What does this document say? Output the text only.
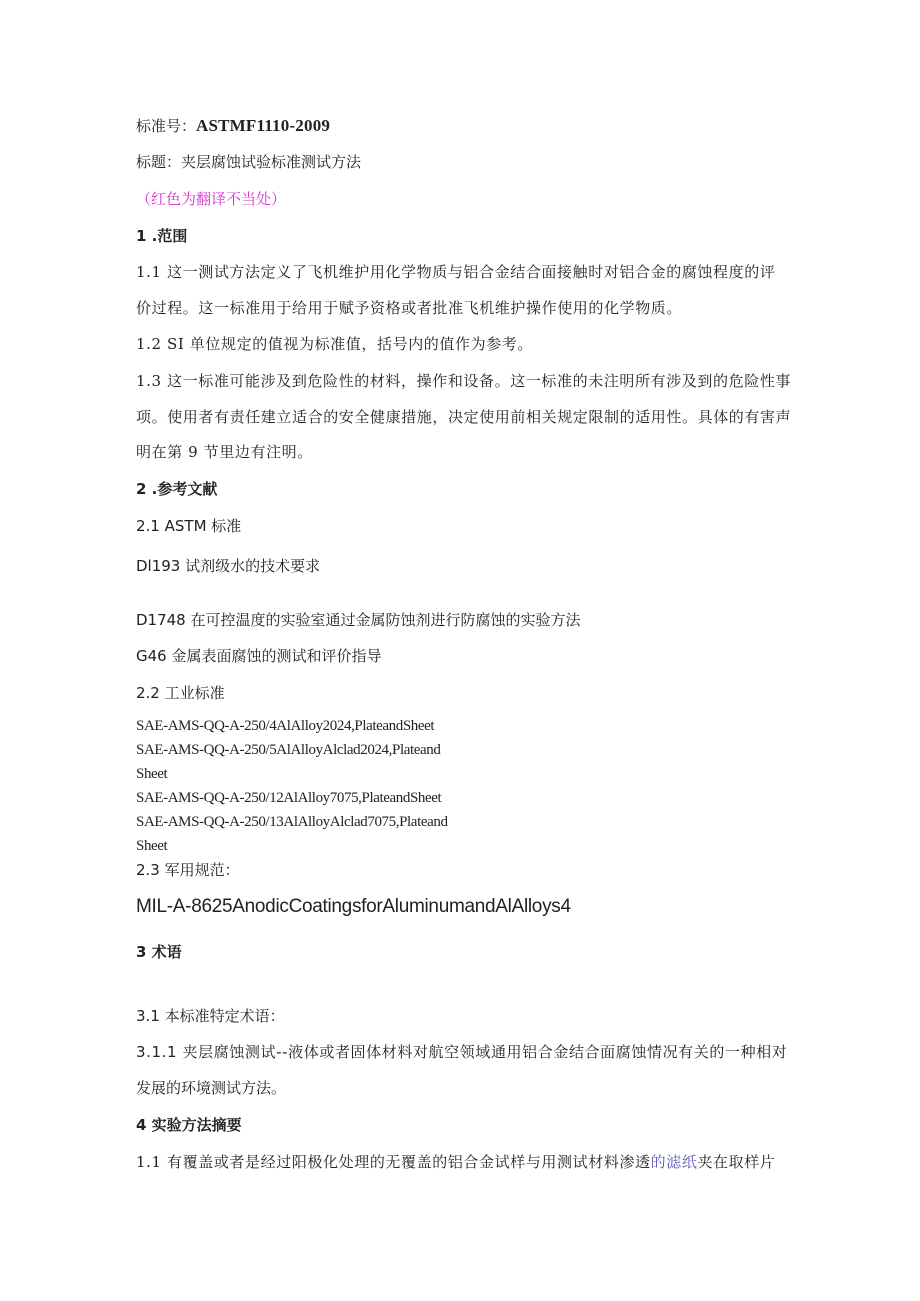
标准号：ASTMF1110-2009
标题：夹层腐蚀试验标准测试方法
（红色为翻译不当处）
1 .范围
1.1 这一测试方法定义了飞机维护用化学物质与铝合金结合面接触时对铝合金的腐蚀程度的评
价过程。这一标准用于给用于赋予资格或者批准飞机维护操作使用的化学物质。
1.2 SI 单位规定的值视为标准值，括号内的值作为参考。
1.3 这一标准可能涉及到危险性的材料，操作和设备。这一标准的未注明所有涉及到的危险性事
项。使用者有责任建立适合的安全健康措施，决定使用前相关规定限制的适用性。具体的有害声
明在第 9 节里边有注明。
2 .参考文献
2.1 ASTM 标准
Dl193 试剂级水的技术要求
D1748 在可控温度的实验室通过金属防蚀剂进行防腐蚀的实验方法
G46 金属表面腐蚀的测试和评价指导
2.2 工业标准
SAE-AMS-QQ-A-250/4AlAlloy2024,PlateandSheet
SAE-AMS-QQ-A-250/5AlAlloyAlclad2024,Plateand
Sheet
SAE-AMS-QQ-A-250/12AlAlloy7075,PlateandSheet
SAE-AMS-QQ-A-250/13AlAlloyAlclad7075,Plateand
Sheet
2.3 军用规范：
MIL-A-8625AnodicCoatingsforAluminumandAlAlloys4
3 术语
3.1 本标准特定术语：
3.1.1 夹层腐蚀测试--液体或者固体材料对航空领域通用铝合金结合面腐蚀情况有关的一种相对
发展的环境测试方法。
4 实验方法摘要
1.1 有覆盖或者是经过阳极化处理的无覆盖的铝合金试样与用测试材料渗透的滤纸夹在取样片
